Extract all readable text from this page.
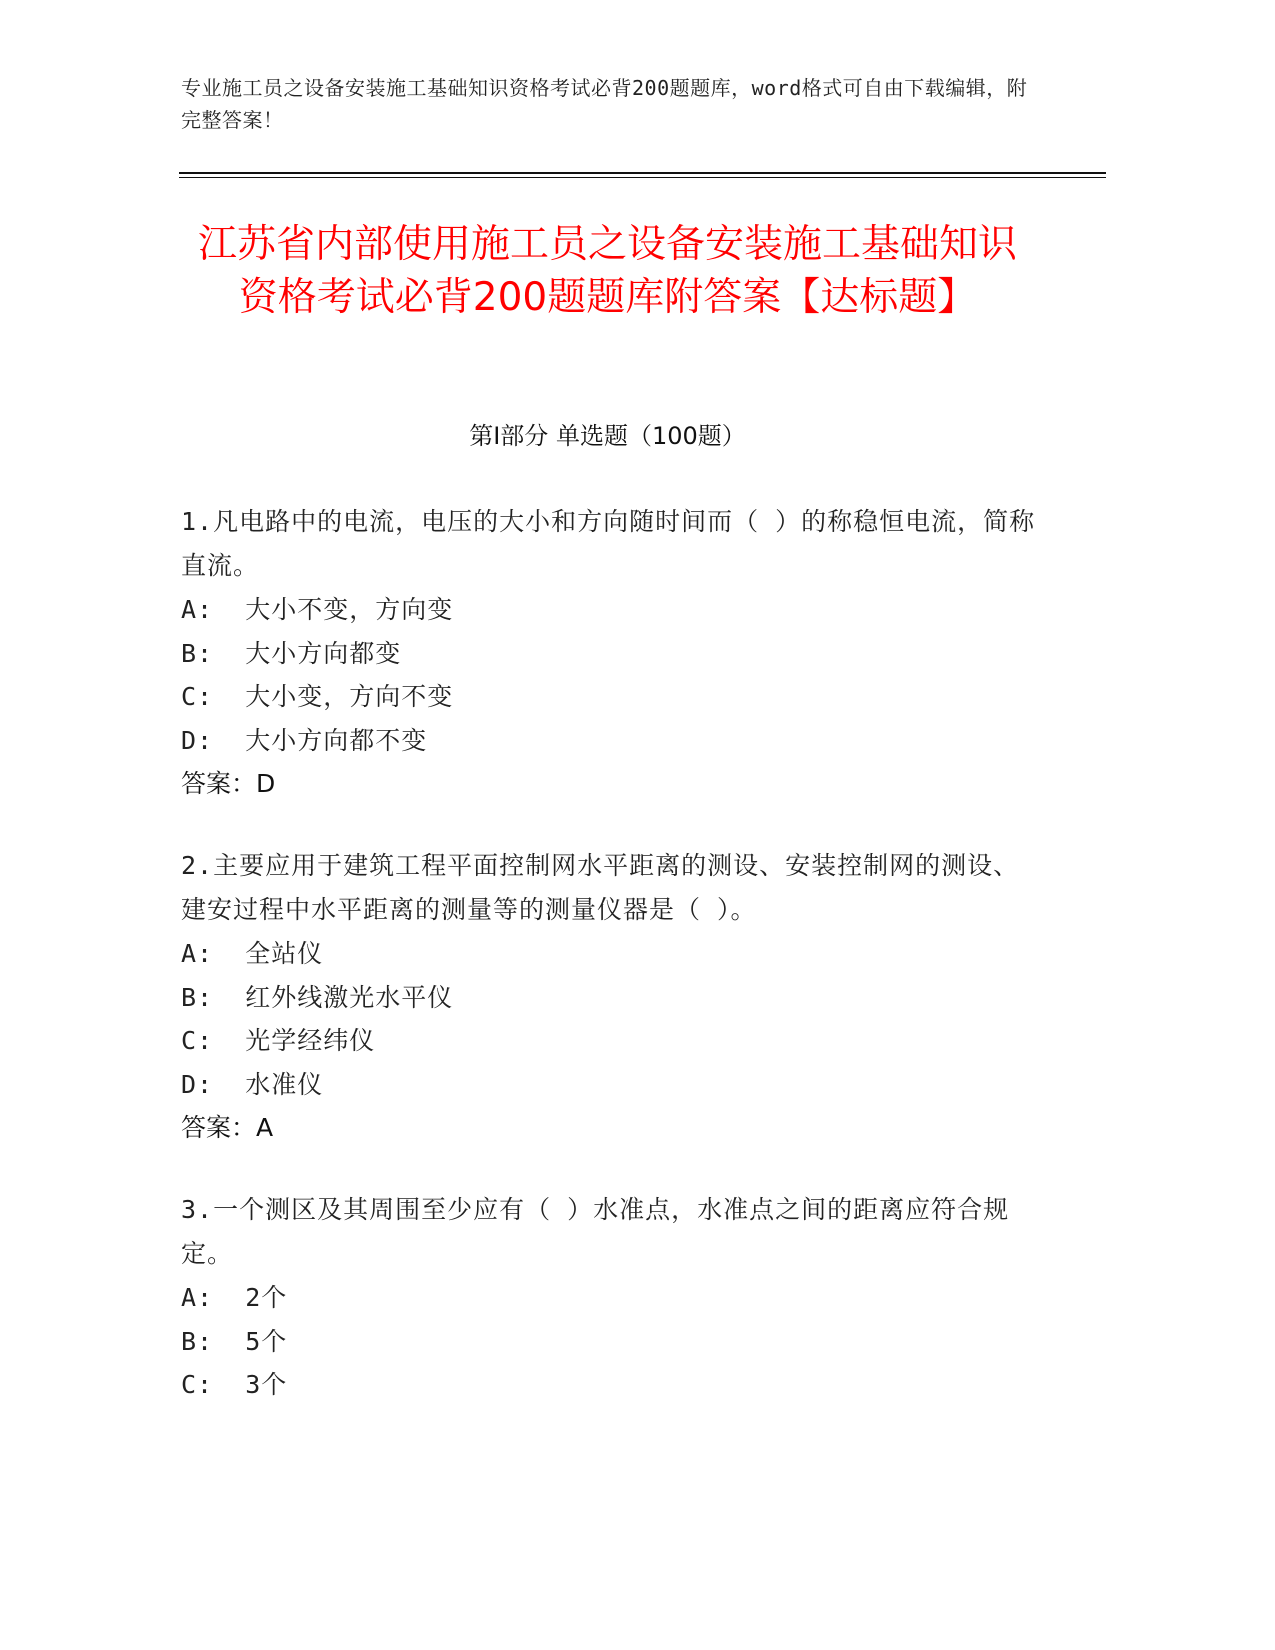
专业施工员之设备安装施工基础知识资格考试必背200题题库，word格式可自由下载编辑，附完整答案！
江苏省内部使用施工员之设备安装施工基础知识资格考试必背200题题库附答案【达标题】
第Ⅰ部分 单选题（100题）
1.凡电路中的电流，电压的大小和方向随时间而（ ）的称稳恒电流，简称直流。
A:  大小不变，方向变
B:  大小方向都变
C:  大小变，方向不变
D:  大小方向都不变
答案：D
2.主要应用于建筑工程平面控制网水平距离的测设、安装控制网的测设、建安过程中水平距离的测量等的测量仪器是（ ）。
A:  全站仪
B:  红外线激光水平仪
C:  光学经纬仪
D:  水准仪
答案：A
3.一个测区及其周围至少应有（ ）水准点，水准点之间的距离应符合规定。
A:  2个
B:  5个
C:  3个
